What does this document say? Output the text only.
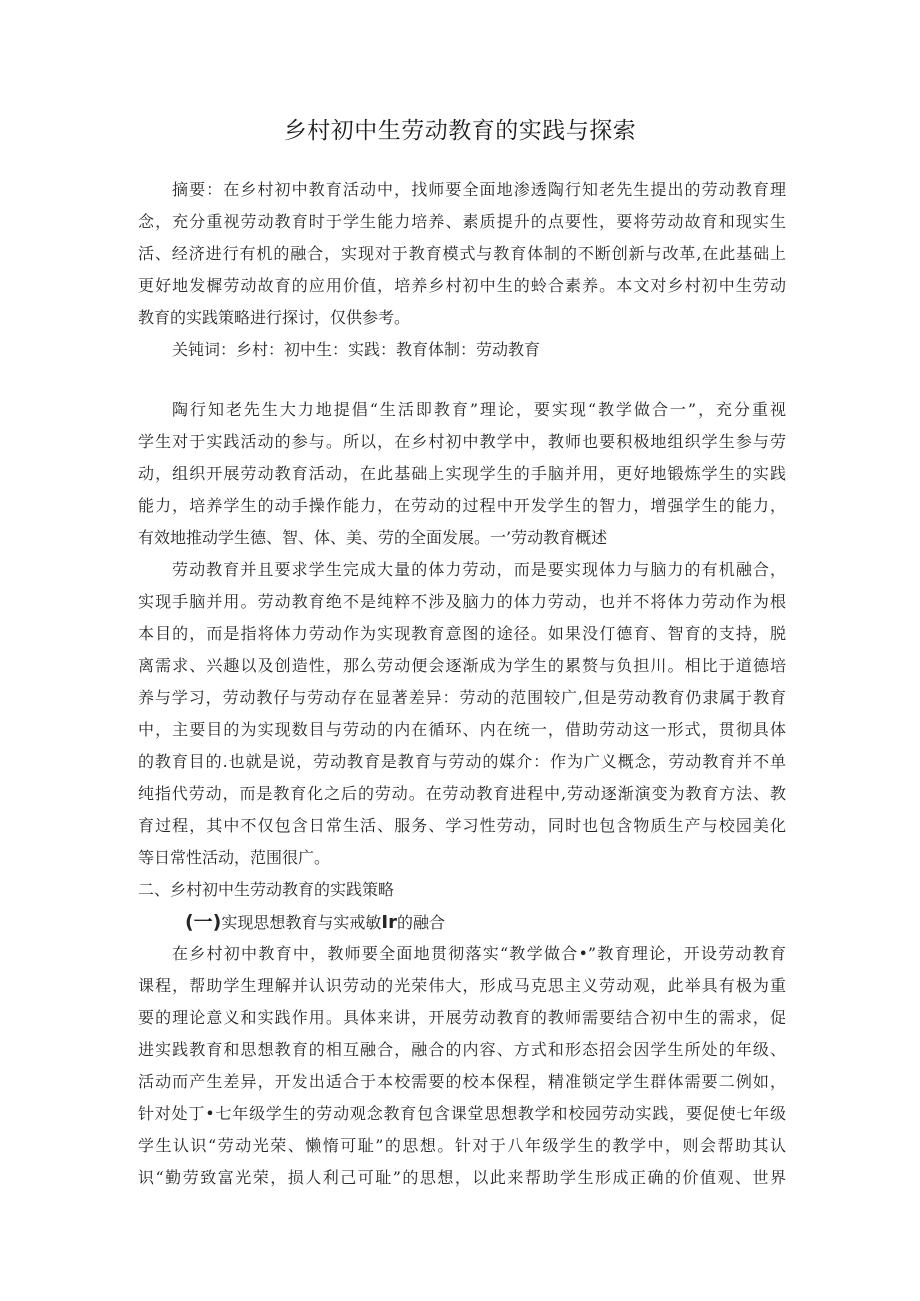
乡村初中生劳动教育的实践与探索
摘要：在乡村初中教育活动中，找师要全面地渗透陶行知老先生提出的劳动教育理
念，充分重视劳动教育时于学生能力培养、素质提升的点要性，要将劳动故育和现实生
活、经济进行有机的融合，实现对于教育模式与教育体制的不断创新与改革,在此基础上
更好地发樨劳动故育的应用价值，培养乡村初中生的蛉合素养。本文对乡村初中生劳动
教育的实践策略进行探讨，仅供参考。
关钝词：乡村：初中生：实践：教育体制：劳动教育
陶行知老先生大力地提倡“生活即教育”理论，要实现“教学做合一”，充分重视
学生对于实践活动的参与。所以，在乡村初中教学中，教师也要积极地组织学生参与劳
动，组织开展劳动教育活动，在此基础上实现学生的手脑并用，更好地锻炼学生的实践
能力，培养学生的动手操作能力，在劳动的过程中开发学生的智力，增强学生的能力，
有效地推动学生德、智、体、美、劳的全面发展。一’劳动教育概述
劳动教育并且要求学生完成大量的体力劳动，而是要实现体力与脑力的有机融合，
实现手脑并用。劳动教育绝不是纯粹不涉及脑力的体力劳动，也并不将体力劳动作为根
本目的，而是指将体力劳动作为实现教育意图的途径。如果没仃德育、智育的支持，脱
离需求、兴趣以及创造性，那么劳动便会逐渐成为学生的累赘与负担川。相比于道德培
养与学习，劳动教仔与劳动存在显著差异：劳动的范围较广,但是劳动教育仍隶属于教育
中，主要目的为实现数目与劳动的内在循环、内在统一，借助劳动这一形式，贯彻具体
的教育目的.也就是说，劳动教育是教育与劳动的媒介：作为广义概念，劳动教育并不单
纯指代劳动，而是教育化之后的劳动。在劳动教育进程中,劳动逐渐演变为教育方法、教
育过程，其中不仅包含日常生活、服务、学习性劳动，同时也包含物质生产与校园美化
等日常性活动，范围很广。
二、乡村初中生劳动教育的实践策略
(一)实现思想教育与实戒敏Ir的融合
在乡村初中教育中，教师要全面地贯彻落实“教学做合•”教育理论，开设劳动教育
课程，帮助学生理解并认识劳动的光荣伟大，形成马克思主义劳动观，此举具有极为重
要的理论意义和实践作用。具体来讲，开展劳动教育的教师需要结合初中生的需求，促
进实践教育和思想教育的相互融合，融合的内容、方式和形态招会因学生所处的年级、
活动而产生差异，开发出适合于本校需要的校本保程，精准锁定学生群体需要二例如，
针对处丁•七年级学生的劳动观念教育包含课堂思想教学和校园劳动实践，要促使七年级
学生认识“劳动光荣、懒惰可耻”的思想。针对于八年级学生的教学中，则会帮助其认
识“勤劳致富光荣，损人利己可耻”的思想，以此来帮助学生形成正确的价值观、世界
